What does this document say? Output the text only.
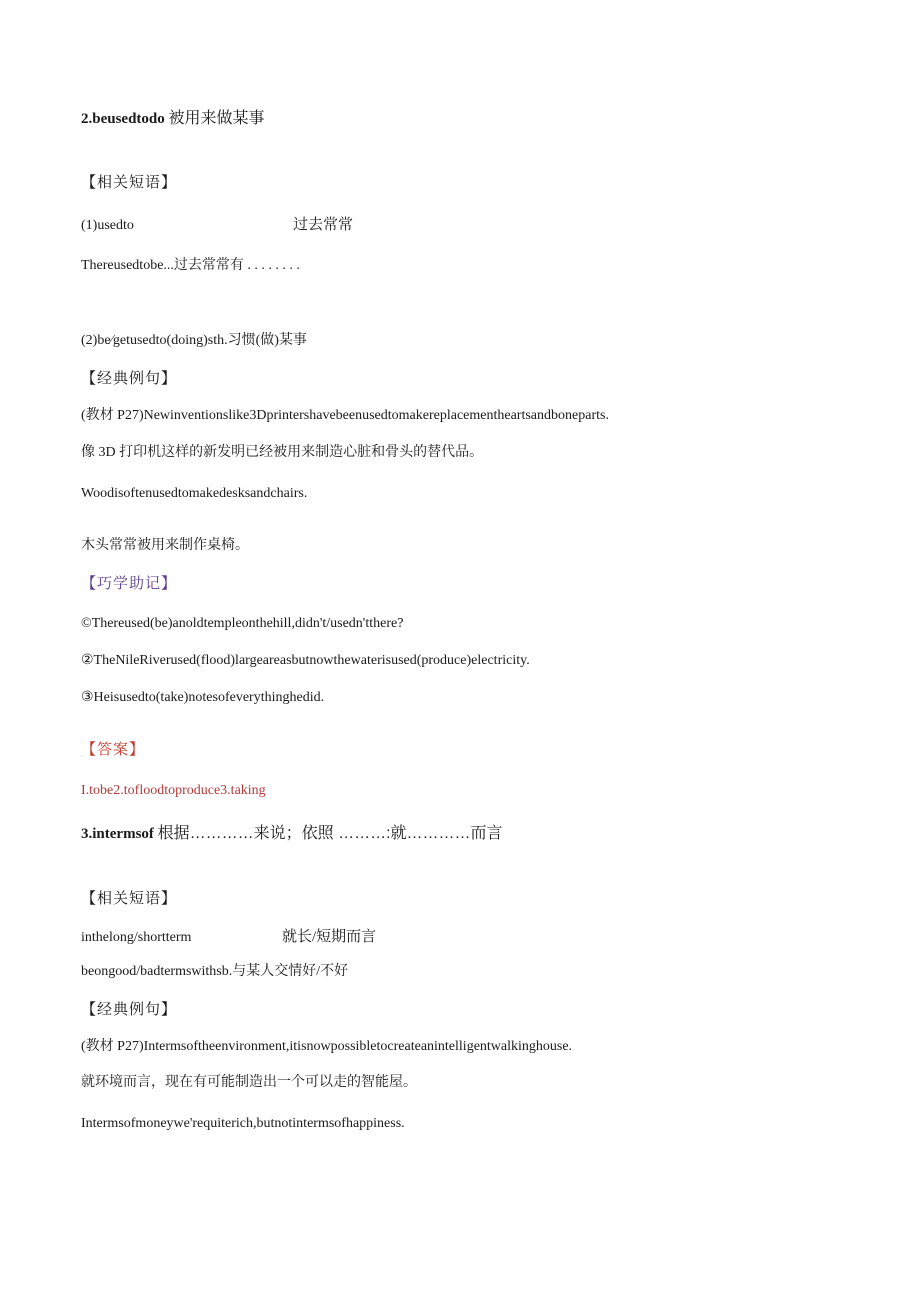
2.beusedtodo 被用来做某事
【相关短语】
(1)usedto	过去常常
Thereusedtobe...过去常常有 . . . . . . . .
(2)be∕getusedto(doing)sth.习惯(做)某事
【经典例句】
(教材 P27)Newinventionslike3Dprintershavebeenusedtomakereplacementheartsandboneparts.
像 3D 打印机这样的新发明已经被用来制造心脏和骨头的替代品。
Woodisoftenusedtomakedesksandchairs.
木头常常被用来制作桌椅。
【巧学助记】
©Thereused(be)anoldtempleonthehill,didn't/usedn'tthere?
②TheNileRiverused(flood)largeareasbutnowthewaterisused(produce)electricity.
③Heisusedto(take)notesofeverythinghedid.
【答案】
I.tobe2.tofloodtoproduce3.taking
3.intermsof 根据…………来说；依照 ………:就…………而言
【相关短语】
inthelong/shortterm	就长/短期而言
beongood/badtermswithsb.与某人交情好/不好
【经典例句】
(教材 P27)Intermsoftheenvironment,itisnowpossibletocreateanintelligentwalkinghouse.
就环境而言，现在有可能制造出一个可以走的智能屋。
Intermsofmoneywe'requiterich,butnotintermsofhappiness.
